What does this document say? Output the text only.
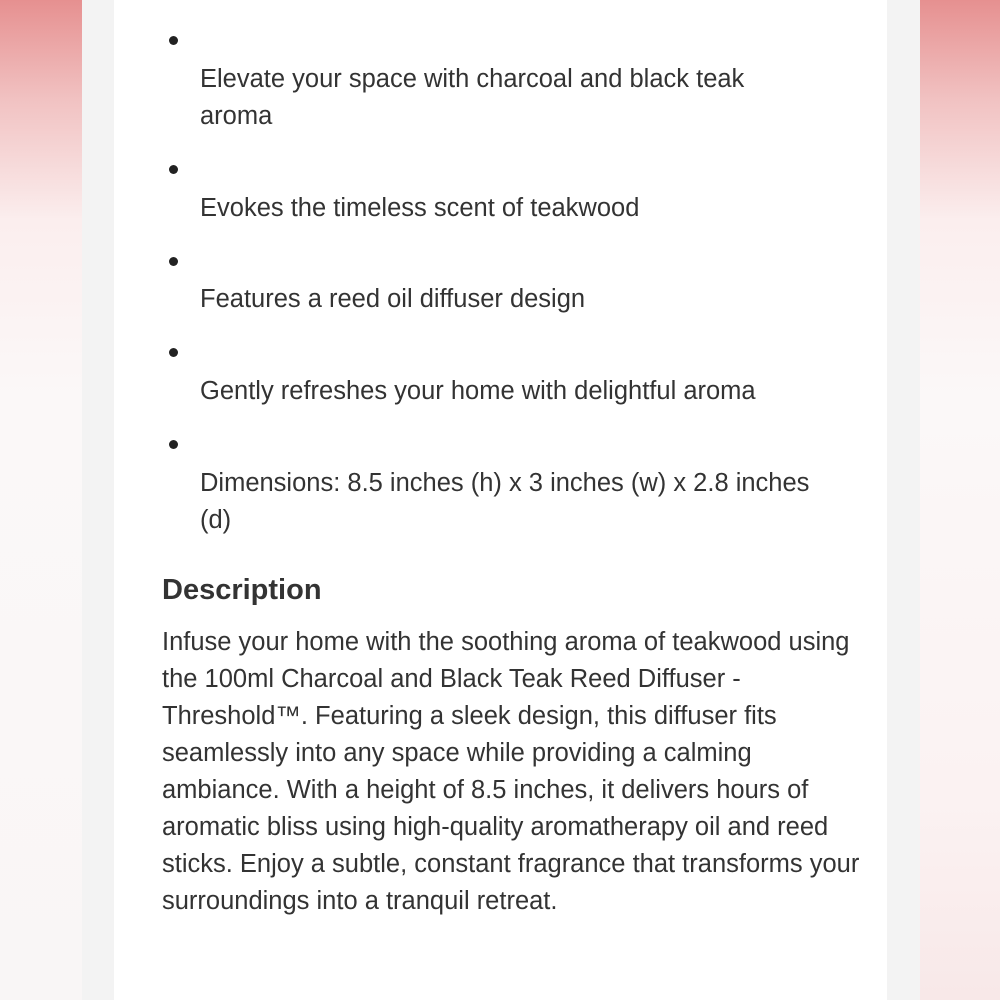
Elevate your space with charcoal and black teak aroma
Evokes the timeless scent of teakwood
Features a reed oil diffuser design
Gently refreshes your home with delightful aroma
Dimensions: 8.5 inches (h) x 3 inches (w) x 2.8 inches (d)
Description

Infuse your home with the soothing aroma of teakwood using the 100ml Charcoal and Black Teak Reed Diffuser - Threshold™. Featuring a sleek design, this diffuser fits seamlessly into any space while providing a calming ambiance. With a height of 8.5 inches, it delivers hours of aromatic bliss using high-quality aromatherapy oil and reed sticks. Enjoy a subtle, constant fragrance that transforms your surroundings into a tranquil retreat.
